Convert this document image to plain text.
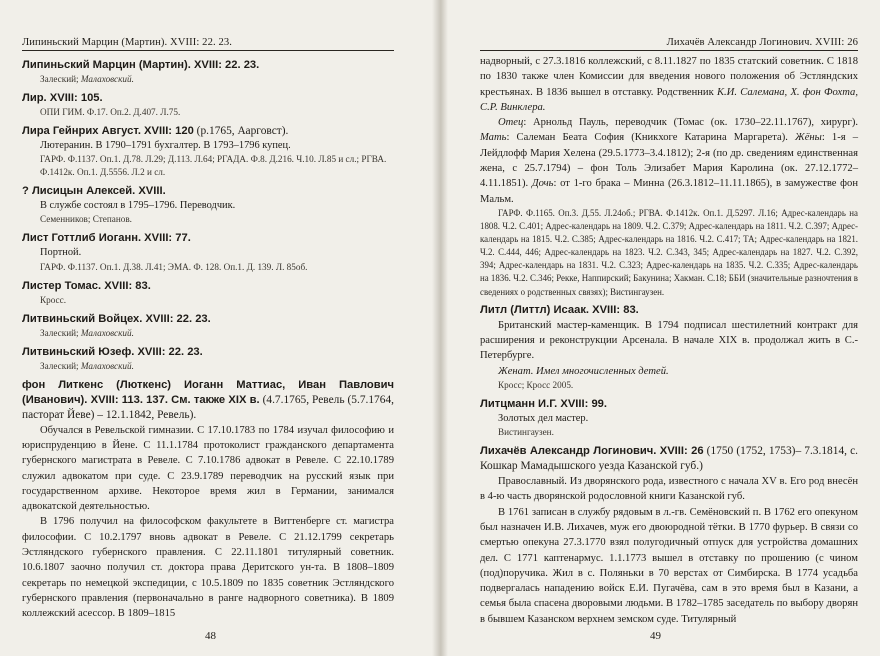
Липиньский Марцин (Мартин). XVIII: 22. 23.
Липиньский Марцин (Мартин). XVIII: 22. 23.
Залеский; Малаховский.
Лир. XVIII: 105.
ОПИ ГИМ. Ф.17. Оп.2. Д.407. Л.75.
Лира Гейнрих Август. XVIII: 120 (р.1765, Аарговст).
Лютеранин. В 1790–1791 бухгалтер. В 1793–1796 купец.
ГАРФ. Ф.1137. Оп.1. Д.78. Л.29; Д.113. Л.64; РГАДА. Ф.8. Д.216. Ч.10. Л.85 и сл.; РГВА. Ф.1412к. Оп.1. Д.5556. Л.2 и сл.
? Лисицын Алексей. XVIII.
В службе состоял в 1795–1796. Переводчик.
Семенников; Степанов.
Лист Готтлиб Иоганн. XVIII: 77.
Портной.
ГАРФ. Ф.1137. Оп.1. Д.38. Л.41; ЭМА. Ф. 128. Оп.1. Д. 139. Л. 85об.
Листер Томас. XVIII: 83.
Кросс.
Литвиньский Войцех. XVIII: 22. 23.
Залеский; Малаховский.
Литвиньский Юзеф. XVIII: 22. 23.
Залеский; Малаховский.
фон Литкенс (Люткенс) Иоганн Маттиас, Иван Павлович (Иванович). XVIII: 113. 137. См. также XIX в. (4.7.1765, Ревель (5.7.1764, пасторат Йеве) – 12.1.1842, Ревель).
Обучался в Ревельской гимназии. С 17.10.1783 по 1784 изучал философию и юриспруденцию в Йене. С 11.1.1784 протоколист гражданского департамента губернского магистрата в Ревеле. С 7.10.1786 адвокат в Ревеле. С 22.10.1789 служил адвокатом при суде. С 23.9.1789 переводчик на русский язык при государственном архиве. Некоторое время жил в Германии, занимался адвокатской деятельностью.
В 1796 получил на философском факультете в Виттенберге ст. магистра философии. С 10.2.1797 вновь адвокат в Ревеле. С 21.12.1799 секретарь Эстляндского губернского правления. С 22.11.1801 титулярный советник. 10.6.1807 заочно получил ст. доктора права Деритского ун-та. В 1808–1809 секретарь по немецкой экспедиции, с 10.5.1809 по 1835 советник Эстляндского губернского правления (первоначально в ранге надворного советника). В 1809 коллежский асессор. В 1809–1815
48
Лихачёв Александр Логинович. XVIII: 26
надворный, с 27.3.1816 коллежский, с 8.11.1827 по 1835 статский советник. С 1818 по 1830 также член Комиссии для введения нового положения об Эстляндских крестьянах. В 1836 вышел в отставку. Родственник К.И. Салемана, Х. фон Фохта, С.Р. Винклера.
Отец: Арнольд Пауль, переводчик (Томас (ок. 1730–22.11.1767), хирург). Мать: Салеман Беата София (Кникхоге Катарина Маргарета). Жёны: 1-я – Лейдлофф Мария Хелена (29.5.1773–3.4.1812); 2-я (по др. сведениям единственная жена, с 25.7.1794) – фон Толь Элизабет Мария Каролина (ок. 27.12.1772–4.11.1851). Дочь: от 1-го брака – Минна (26.3.1812–11.11.1865), в замужестве фон Мальм.
ГАРФ. Ф.1165. Оп.3. Д.55. Л.24об.; РГВА. Ф.1412к. Оп.1. Д.5297. Л.16; Адрес-календарь на 1808. Ч.2. С.401; Адрес-календарь на 1809. Ч.2. С.379; Адрес-календарь на 1811. Ч.2. С.397; Адрес-календарь на 1815. Ч.2. С.385; Адрес-календарь на 1816. Ч.2. С.417; ТА; Адрес-календарь на 1821. Ч.2. С.444, 446; Адрес-календарь на 1823. Ч.2. С.343, 345; Адрес-календарь на 1827. Ч.2. С.392, 394; Адрес-календарь на 1831. Ч.2. С.323; Адрес-календарь на 1835. Ч.2. С.335; Адрес-календарь на 1836. Ч.2. С.346; Рекке, Наппирский; Бакунина; Хакман. С.18; ББИ (значительные разночтения в сведениях о родственных связях); Вистингаузен.
Литл (Литтл) Исаак. XVIII: 83.
Британский мастер-каменщик. В 1794 подписал шестилетний контракт для расширения и реконструкции Арсенала. В начале XIX в. продолжал жить в С.-Петербурге.
Женат. Имел многочисленных детей.
Кросс; Кросс 2005.
Литцманн И.Г. XVIII: 99.
Золотых дел мастер.
Вистингаузен.
Лихачёв Александр Логинович. XVIII: 26 (1750 (1752, 1753)– 7.3.1814, с. Кошкар Мамадышского уезда Казанской губ.)
Православный. Из дворянского рода, известного с начала XV в. Его род внесён в 4-ю часть дворянской родословной книги Казанской губ.
В 1761 записан в службу рядовым в л.-гв. Семёновский п. В 1762 его опекуном был назначен И.В. Лихачев, муж его двоюродной тётки. В 1770 фурьер. В связи со смертью опекуна 27.3.1770 взял полугодичный отпуск для устройства домашних дел. С 1771 каптенармус. 1.1.1773 вышел в отставку по прошению (с чином (под)поручика. Жил в с. Поляньки в 70 верстах от Симбирска. В 1774 усадьба подвергалась нападению войск Е.И. Пугачёва, сам в это время был в Казани, а семья была спасена дворовыми людьми. В 1782–1785 заседатель по выбору дворян в бывшем Казанском верхнем земском суде. Титулярный
49
